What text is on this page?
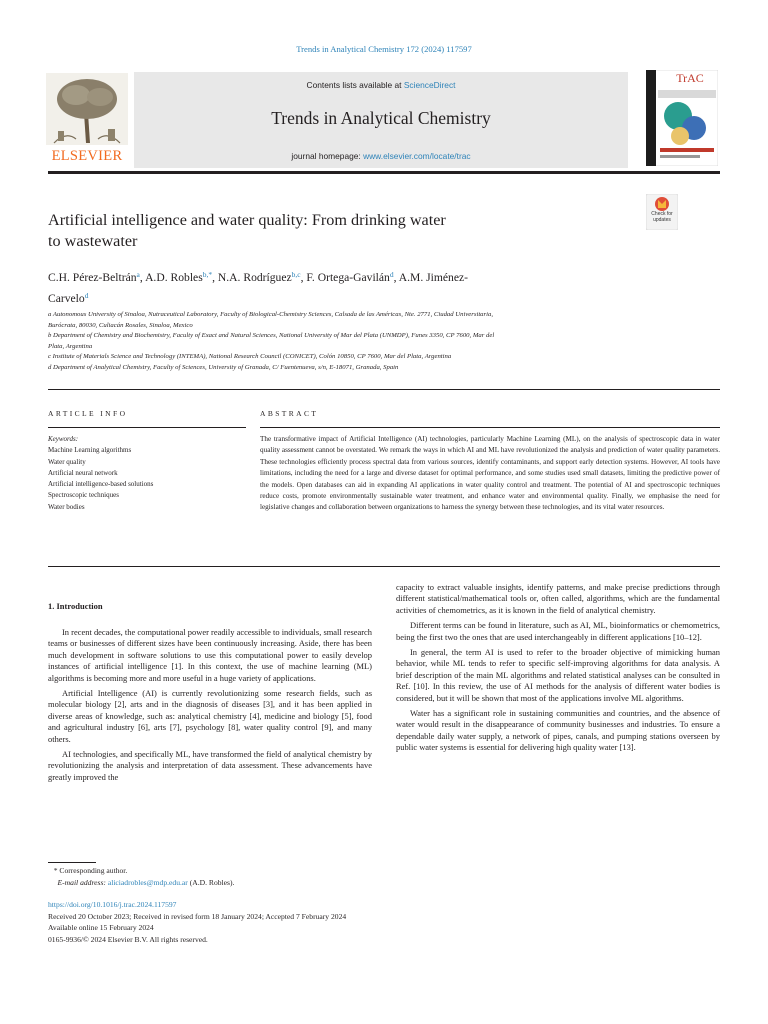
Trends in Analytical Chemistry 172 (2024) 117597
Contents lists available at ScienceDirect
Trends in Analytical Chemistry
journal homepage: www.elsevier.com/locate/trac
ELSEVIER
TrAC
Check for updates
Artificial intelligence and water quality: From drinking water
to wastewater
C.H. Pérez-Beltrán$^a$, A.D. Robles$^{b,*}$, N.A. Rodríguez$^{b,c}$, F. Ortega-Gavilán$^d$, A.M. Jiménez-
Carvelo$^d$
a Autonomous University of Sinaloa, Nutraceutical Laboratory, Faculty of Biological-Chemistry Sciences, Calsada de las Américas, Nte. 2771, Ciudad Universitaria,
Burócrata, 80030, Culiacán Rosales, Sinaloa, Mexico
b Department of Chemistry and Biochemistry, Faculty of Exact and Natural Sciences, National University of Mar del Plata (UNMDP), Funes 3350, CP 7600, Mar del
Plata, Argentina
c Institute of Materials Science and Technology (INTEMA), National Research Council (CONICET), Colón 10850, CP 7600, Mar del Plata, Argentina
d Department of Analytical Chemistry, Faculty of Sciences, University of Granada, C/ Fuentenueva, s/n, E-18071, Granada, Spain
ARTICLE INFO	ABSTRACT
Keywords:
Machine Learning algorithms
Water quality
Artificial neural network
Artificial intelligence-based solutions
Spectroscopic techniques
Water bodies
The transformative impact of Artificial Intelligence (AI) technologies, particularly Machine Learning (ML), on the analysis of spectroscopic data in water quality assessment cannot be overstated. We remark the ways in which AI and ML have revolutionized the analysis and prediction of water quality parameters. These technologies efficiently process spectral data from various sources, identify contaminants, and support early detection systems. However, AI tools have limitations, including the need for a large and diverse dataset for optimal performance, and some studies used small datasets, limiting the predictive power of the models. Open databases can aid in expanding AI applications in water quality control and treatment. The potential of AI and spectroscopic techniques reduce costs, promote environmentally sustainable water treatment, and enhance water and environmental quality. Finally, we emphasise the need for legislative changes and collaboration between organizations to harness the synergy between these technologies, and its vital water resources.
1. Introduction

In recent decades, the computational power readily accessible to individuals, small research teams or businesses of different sizes have been continuously increasing. Aside, there has been much development in software solutions to use this computational power to easily develop instances of artificial intelligence [1]. In this context, the use of machine learning (ML) algorithms is becoming more and more useful in a huge variety of applications.

Artificial Intelligence (AI) is currently revolutionizing some research fields, such as molecular biology [2], arts and in the diagnosis of diseases [3], and it has been applied in diverse areas of knowledge, such as: analytical chemistry [4], medicine and biology [5], food and agricultural industry [6], arts [7], psychology [8], water quality control [9], and many others.

AI technologies, and specifically ML, have transformed the field of analytical chemistry by revolutionizing the analysis and interpretation of data assessment. These advancements have greatly improved the

capacity to extract valuable insights, identify patterns, and make precise predictions through different statistical/mathematical tools or, often called, algorithms, which are the fundamental activities of chemometrics, as it is known in the field of analytical chemistry.

Different terms can be found in literature, such as AI, ML, bioinformatics or chemometrics, being the first two the ones that are used interchangeably in different applications [10–12].

In general, the term AI is used to refer to the broader objective of mimicking human behavior, while ML tends to refer to specific self-improving algorithms for data analysis. A brief description of the main ML algorithms and related statistical analyses can be consulted in Ref. [10]. In this review, the use of AI methods for the analysis of different water bodies is considered, but it will be shown that most of the applications involve ML algorithms.

Water has a significant role in sustaining communities and countries, and the absence of water would result in the disappearance of community businesses and industries. To ensure a dependable daily water supply, a network of pipes, canals, and pumping stations overseen by public water systems is essential for delivering high quality water [13].

* Corresponding author.
E-mail address: aliciadrobles@mdp.edu.ar (A.D. Robles).
https://doi.org/10.1016/j.trac.2024.117597
Received 20 October 2023; Received in revised form 18 January 2024; Accepted 7 February 2024
Available online 15 February 2024
0165-9936/© 2024 Elsevier B.V. All rights reserved.
